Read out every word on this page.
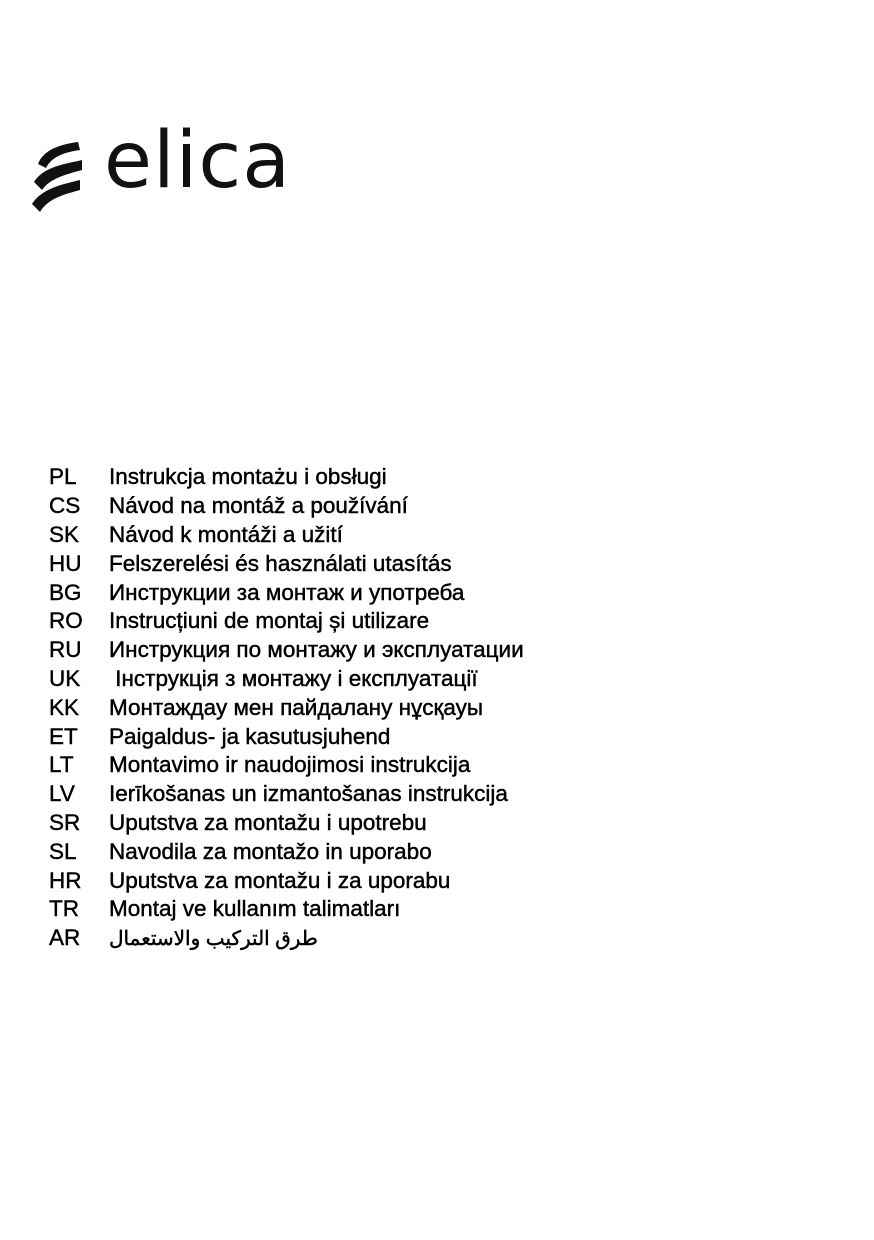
elica
PL	Instrukcja montażu i obsługi
CS	Návod na montáž a používání
SK	Návod k montáži a užití
HU	Felszerelési és használati utasítás
BG	Инструкции за монтаж и употреба
RO	Instrucțiuni de montaj și utilizare
RU	Инструкция по монтажу и эксплуатации
UK	Інструкція з монтажу і експлуатації
KK	Монтаждау мен пайдалану нұсқауы
ET	Paigaldus- ja kasutusjuhend
LT	Montavimo ir naudojimosi instrukcija
LV	Ierīkošanas un izmantošanas instrukcija
SR	Uputstva za montažu i upotrebu
SL	Navodila za montažo in uporabo
HR	Uputstva za montažu i za uporabu
TR	Montaj ve kullanım talimatları
AR	طرق التركيب والاستعمال
